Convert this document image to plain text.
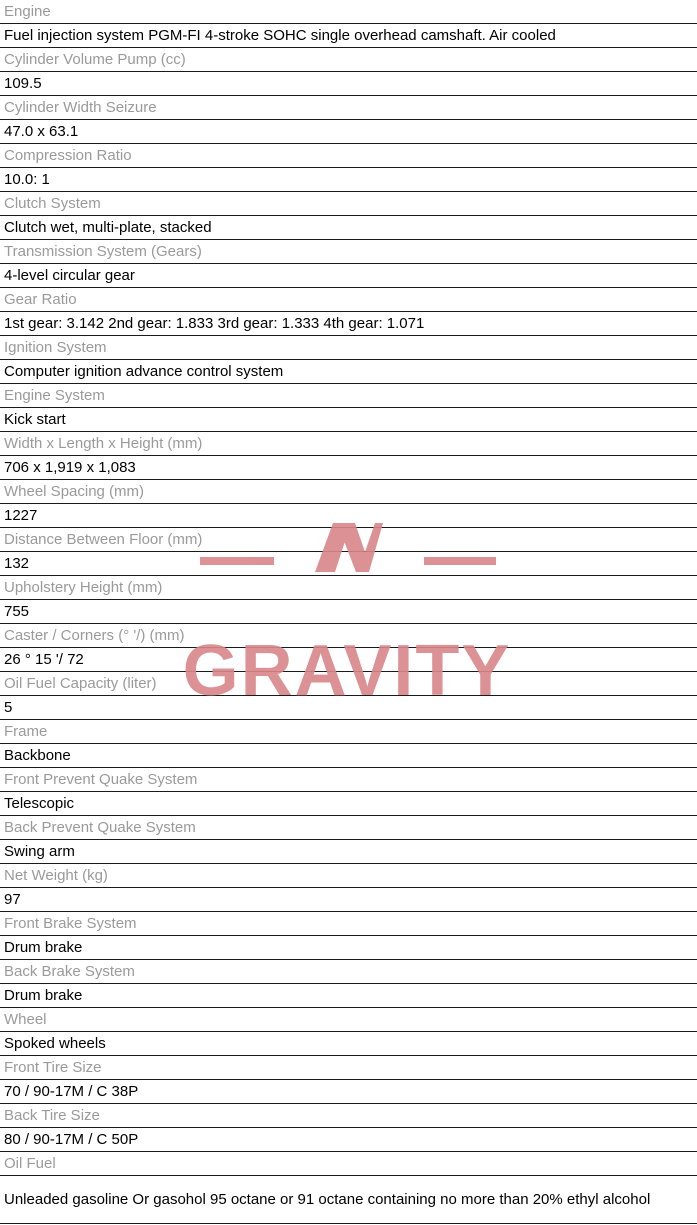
Engine
Fuel injection system PGM-FI 4-stroke SOHC single overhead camshaft. Air cooled
Cylinder Volume Pump (cc)
109.5
Cylinder Width Seizure
47.0 x 63.1
Compression Ratio
10.0: 1
Clutch System
Clutch wet, multi-plate, stacked
Transmission System (Gears)
4-level circular gear
Gear Ratio
1st gear: 3.142 2nd gear: 1.833 3rd gear: 1.333 4th gear: 1.071
Ignition System
Computer ignition advance control system
Engine System
Kick start
Width x Length x Height (mm)
706 x 1,919 x 1,083
Wheel Spacing (mm)
1227
Distance Between Floor (mm)
132
Upholstery Height (mm)
755
Caster / Corners (° '/) (mm)
26 ° 15 '/ 72
Oil Fuel Capacity (liter)
5
Frame
Backbone
Front Prevent Quake System
Telescopic
Back Prevent Quake System
Swing arm
Net Weight (kg)
97
Front Brake System
Drum brake
Back Brake System
Drum brake
Wheel
Spoked wheels
Front Tire Size
70 / 90-17M / C 38P
Back Tire Size
80 / 90-17M / C 50P
Oil Fuel
Unleaded gasoline Or gasohol 95 octane or 91 octane containing no more than 20% ethyl alcohol
GRAVITY
